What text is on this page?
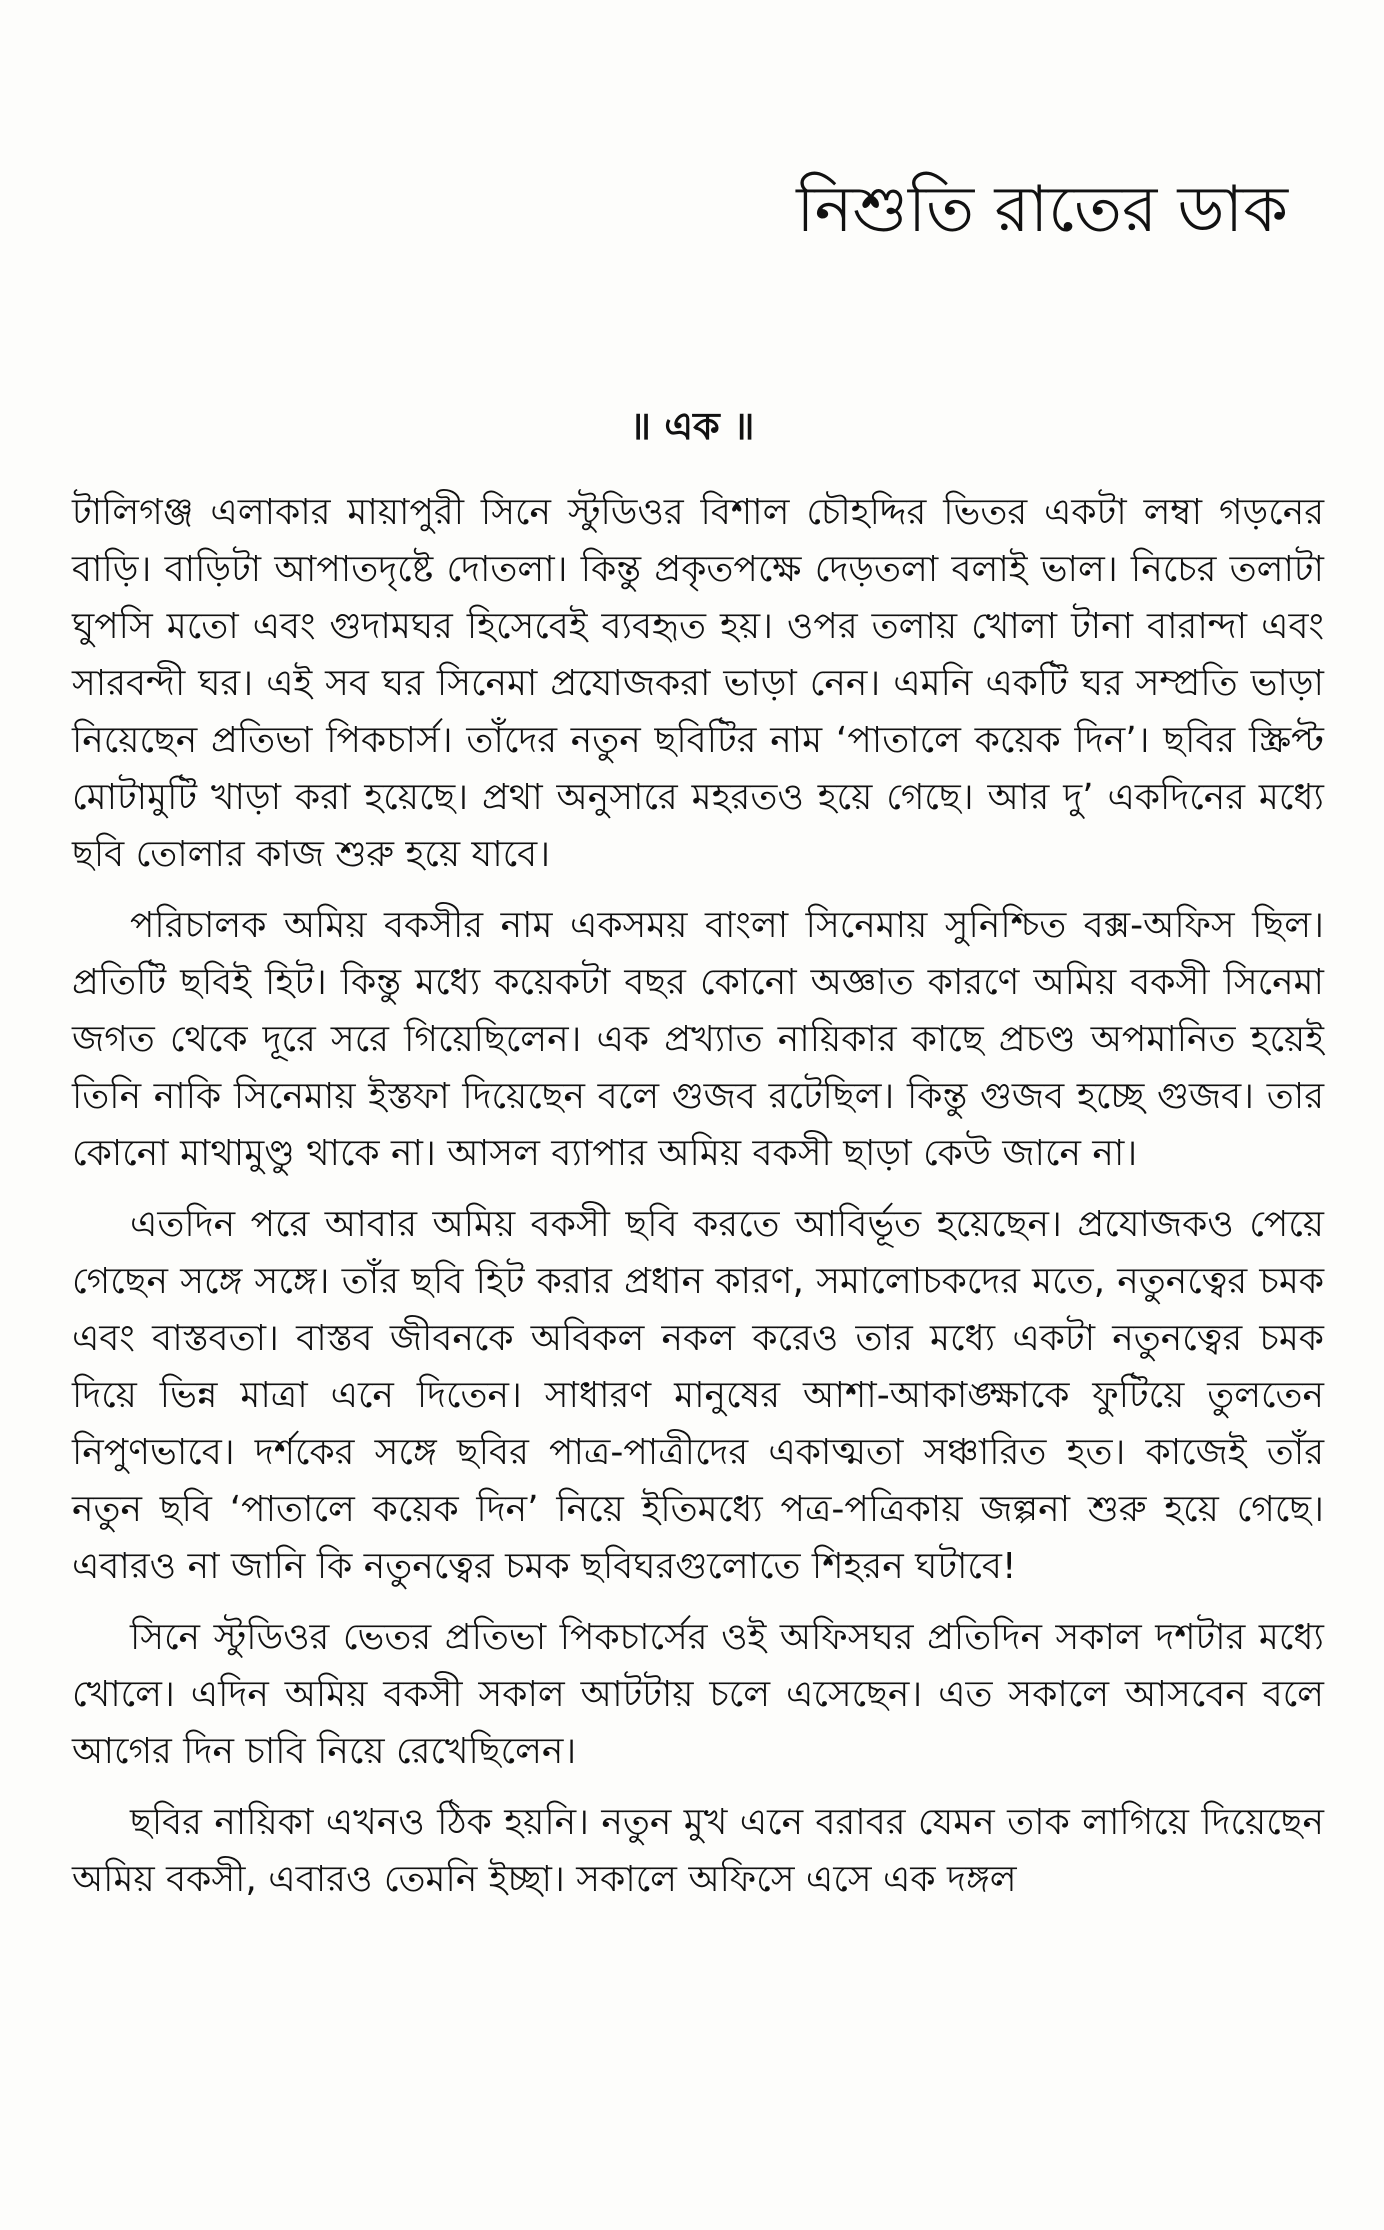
নিশুতি রাতের ডাক
॥ এক ॥

টালিগঞ্জ এলাকার মায়াপুরী সিনে স্টুডিওর বিশাল চৌহদ্দির ভিতর একটা লম্বা গড়নের বাড়ি। বাড়িটা আপাতদৃষ্টে দোতলা। কিন্তু প্রকৃতপক্ষে দেড়তলা বলাই ভাল। নিচের তলাটা ঘুপসি মতো এবং গুদামঘর হিসেবেই ব্যবহৃত হয়। ওপর তলায় খোলা টানা বারান্দা এবং সারবন্দী ঘর। এই সব ঘর সিনেমা প্রযোজকরা ভাড়া নেন। এমনি একটি ঘর সম্প্রতি ভাড়া নিয়েছেন প্রতিভা পিকচার্স। তাঁদের নতুন ছবিটির নাম ‘পাতালে কয়েক দিন’। ছবির স্ক্রিপ্ট মোটামুটি খাড়া করা হয়েছে। প্রথা অনুসারে মহরতও হয়ে গেছে। আর দু’ একদিনের মধ্যে ছবি তোলার কাজ শুরু হয়ে যাবে।

পরিচালক অমিয় বকসীর নাম একসময় বাংলা সিনেমায় সুনিশ্চিত বক্স-অফিস ছিল। প্রতিটি ছবিই হিট। কিন্তু মধ্যে কয়েকটা বছর কোনো অজ্ঞাত কারণে অমিয় বকসী সিনেমা জগত থেকে দূরে সরে গিয়েছিলেন। এক প্রখ্যাত নায়িকার কাছে প্রচণ্ড অপমানিত হয়েই তিনি নাকি সিনেমায় ইস্তফা দিয়েছেন বলে গুজব রটেছিল। কিন্তু গুজব হচ্ছে গুজব। তার কোনো মাথামুণ্ডু থাকে না। আসল ব্যাপার অমিয় বকসী ছাড়া কেউ জানে না।

এতদিন পরে আবার অমিয় বকসী ছবি করতে আবির্ভূত হয়েছেন। প্রযোজকও পেয়ে গেছেন সঙ্গে সঙ্গে। তাঁর ছবি হিট করার প্রধান কারণ, সমালোচকদের মতে, নতুনত্বের চমক এবং বাস্তবতা। বাস্তব জীবনকে অবিকল নকল করেও তার মধ্যে একটা নতুনত্বের চমক দিয়ে ভিন্ন মাত্রা এনে দিতেন। সাধারণ মানুষের আশা-আকাঙ্ক্ষাকে ফুটিয়ে তুলতেন নিপুণভাবে। দর্শকের সঙ্গে ছবির পাত্র-পাত্রীদের একাত্মতা সঞ্চারিত হত। কাজেই তাঁর নতুন ছবি ‘পাতালে কয়েক দিন’ নিয়ে ইতিমধ্যে পত্র-পত্রিকায় জল্পনা শুরু হয়ে গেছে। এবারও না জানি কি নতুনত্বের চমক ছবিঘরগুলোতে শিহরন ঘটাবে!

সিনে স্টুডিওর ভেতর প্রতিভা পিকচার্সের ওই অফিসঘর প্রতিদিন সকাল দশটার মধ্যে খোলে। এদিন অমিয় বকসী সকাল আটটায় চলে এসেছেন। এত সকালে আসবেন বলে আগের দিন চাবি নিয়ে রেখেছিলেন।

ছবির নায়িকা এখনও ঠিক হয়নি। নতুন মুখ এনে বরাবর যেমন তাক লাগিয়ে দিয়েছেন অমিয় বকসী, এবারও তেমনি ইচ্ছা। সকালে অফিসে এসে এক দঙ্গল
